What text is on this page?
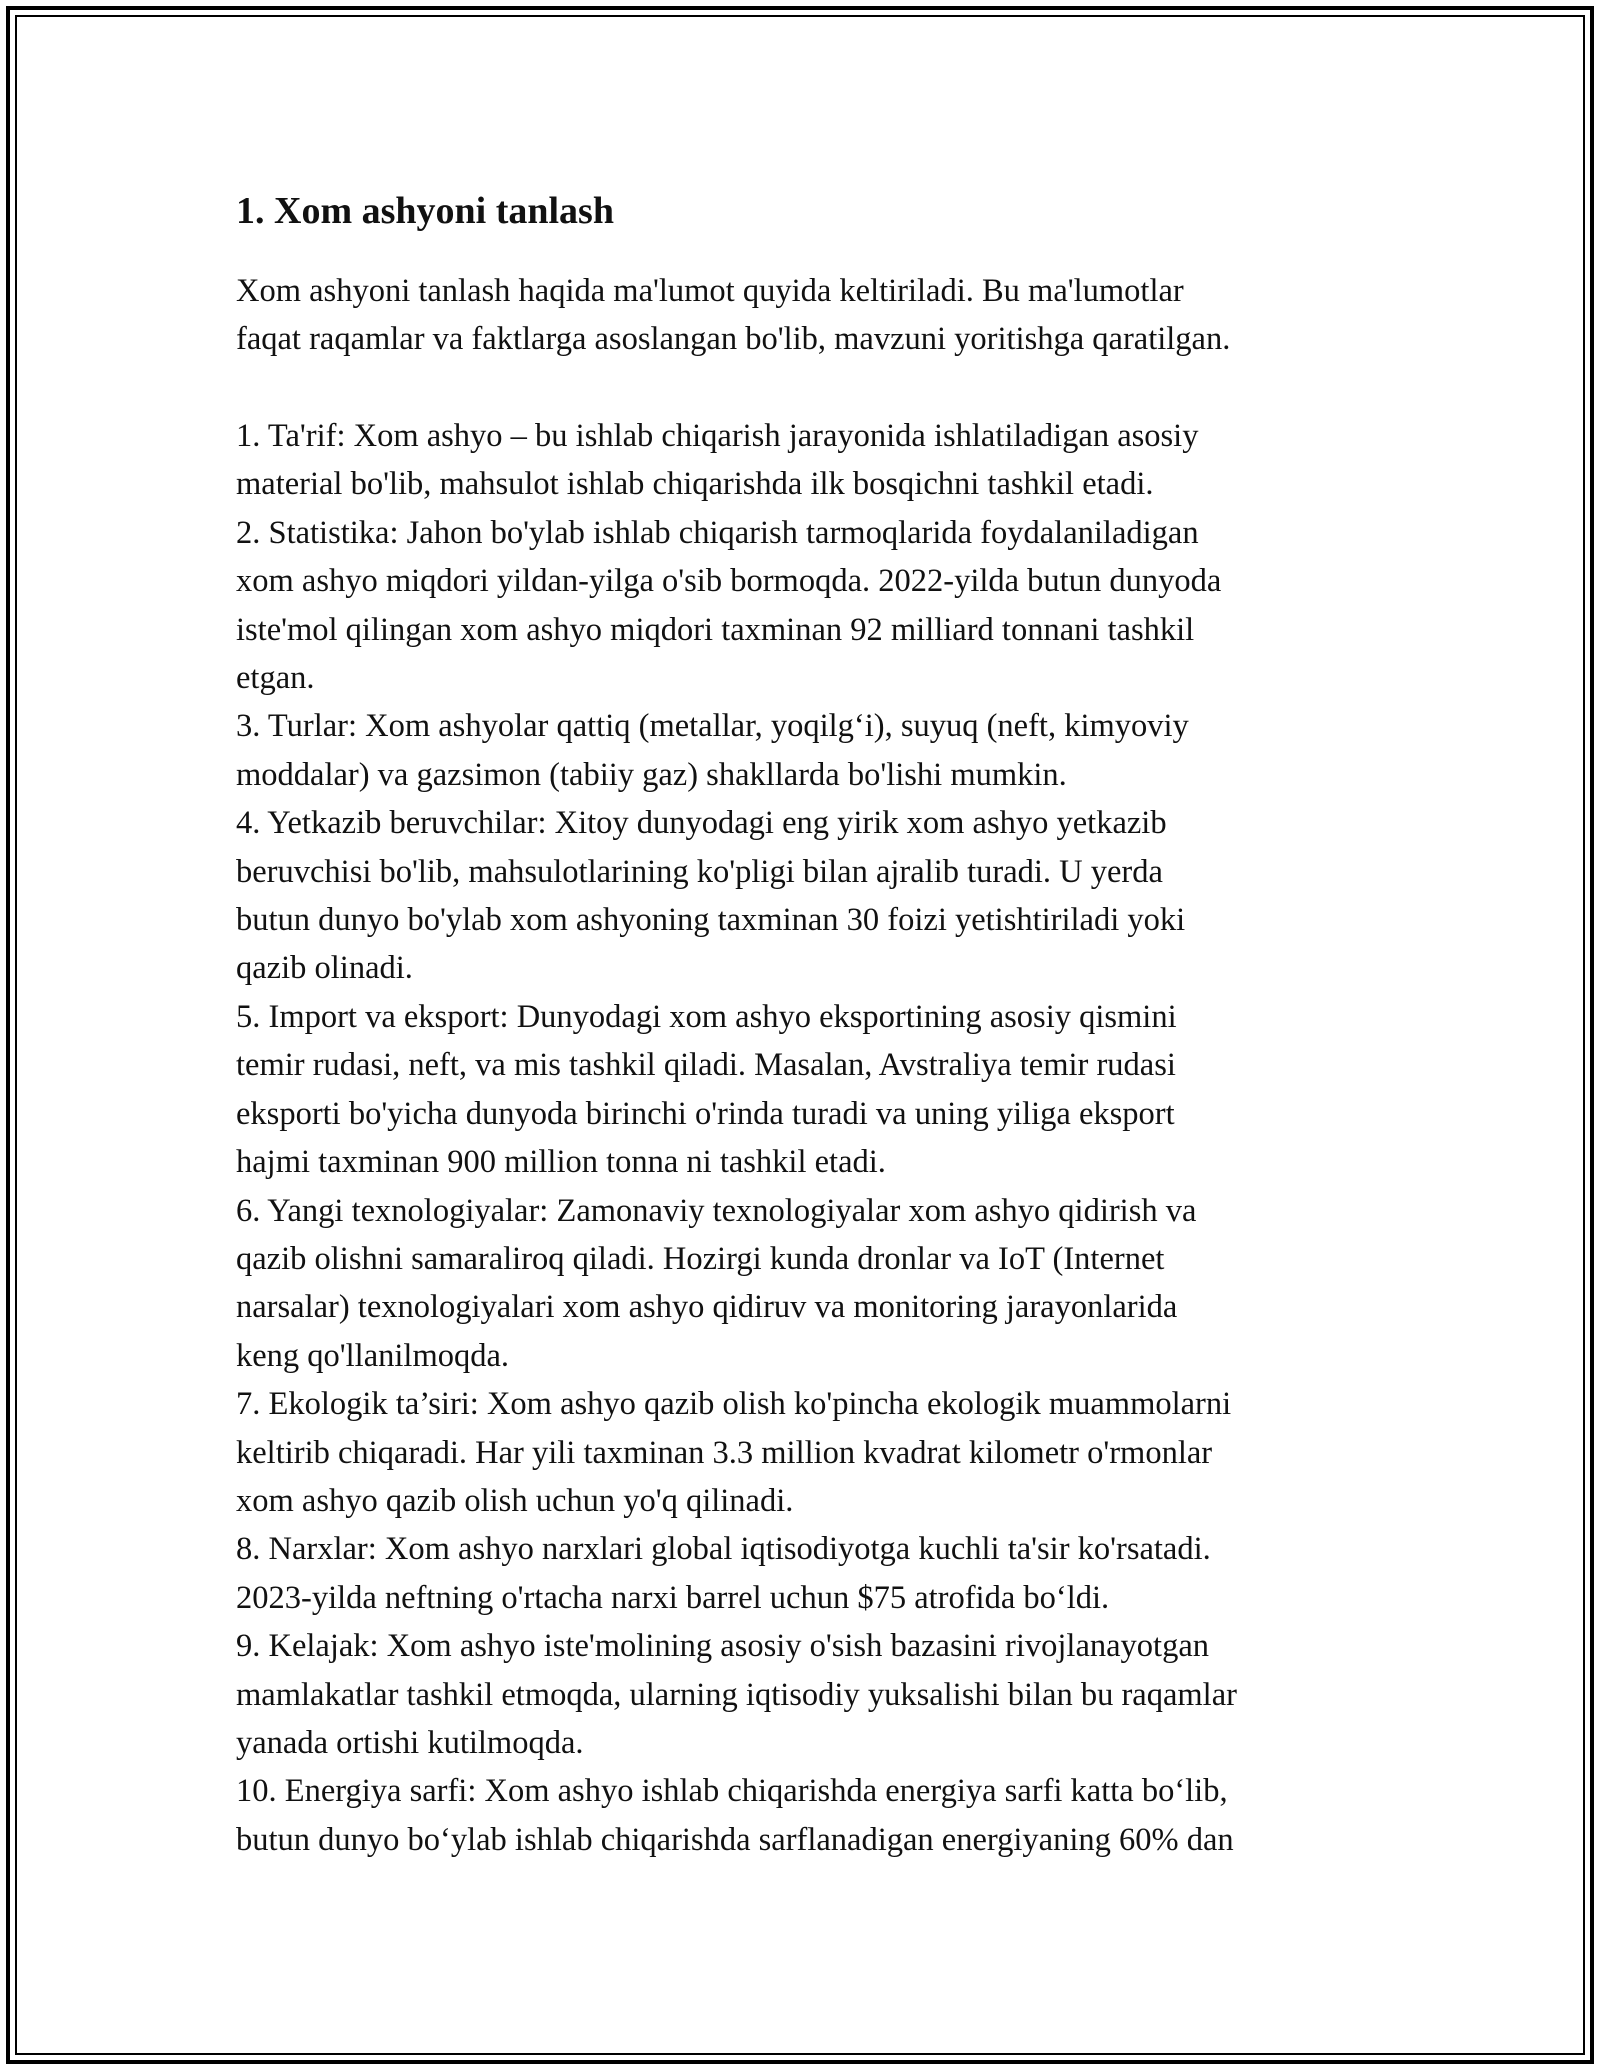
1. Xom ashyoni tanlash
Xom ashyoni tanlash haqida ma'lumot quyida keltiriladi. Bu ma'lumotlar
faqat raqamlar va faktlarga asoslangan bo'lib, mavzuni yoritishga qaratilgan.
1. Ta'rif: Xom ashyo – bu ishlab chiqarish jarayonida ishlatiladigan asosiy
material bo'lib, mahsulot ishlab chiqarishda ilk bosqichni tashkil etadi.
2. Statistika: Jahon bo'ylab ishlab chiqarish tarmoqlarida foydalaniladigan
xom ashyo miqdori yildan-yilga o'sib bormoqda. 2022-yilda butun dunyoda
iste'mol qilingan xom ashyo miqdori taxminan 92 milliard tonnani tashkil
etgan.
3. Turlar: Xom ashyolar qattiq (metallar, yoqilg‘i), suyuq (neft, kimyoviy
moddalar) va gazsimon (tabiiy gaz) shakllarda bo'lishi mumkin.
4. Yetkazib beruvchilar: Xitoy dunyodagi eng yirik xom ashyo yetkazib
beruvchisi bo'lib, mahsulotlarining ko'pligi bilan ajralib turadi. U yerda
butun dunyo bo'ylab xom ashyoning taxminan 30 foizi yetishtiriladi yoki
qazib olinadi.
5. Import va eksport: Dunyodagi xom ashyo eksportining asosiy qismini
temir rudasi, neft, va mis tashkil qiladi. Masalan, Avstraliya temir rudasi
eksporti bo'yicha dunyoda birinchi o'rinda turadi va uning yiliga eksport
hajmi taxminan 900 million tonna ni tashkil etadi.
6. Yangi texnologiyalar: Zamonaviy texnologiyalar xom ashyo qidirish va
qazib olishni samaraliroq qiladi. Hozirgi kunda dronlar va IoT (Internet
narsalar) texnologiyalari xom ashyo qidiruv va monitoring jarayonlarida
keng qo'llanilmoqda.
7. Ekologik ta’siri: Xom ashyo qazib olish ko'pincha ekologik muammolarni
keltirib chiqaradi. Har yili taxminan 3.3 million kvadrat kilometr o'rmonlar
xom ashyo qazib olish uchun yo'q qilinadi.
8. Narxlar: Xom ashyo narxlari global iqtisodiyotga kuchli ta'sir ko'rsatadi.
2023-yilda neftning o'rtacha narxi barrel uchun $75 atrofida bo‘ldi.
9. Kelajak: Xom ashyo iste'molining asosiy o'sish bazasini rivojlanayotgan
mamlakatlar tashkil etmoqda, ularning iqtisodiy yuksalishi bilan bu raqamlar
yanada ortishi kutilmoqda.
10. Energiya sarfi: Xom ashyo ishlab chiqarishda energiya sarfi katta bo‘lib,
butun dunyo bo‘ylab ishlab chiqarishda sarflanadigan energiyaning 60% dan
